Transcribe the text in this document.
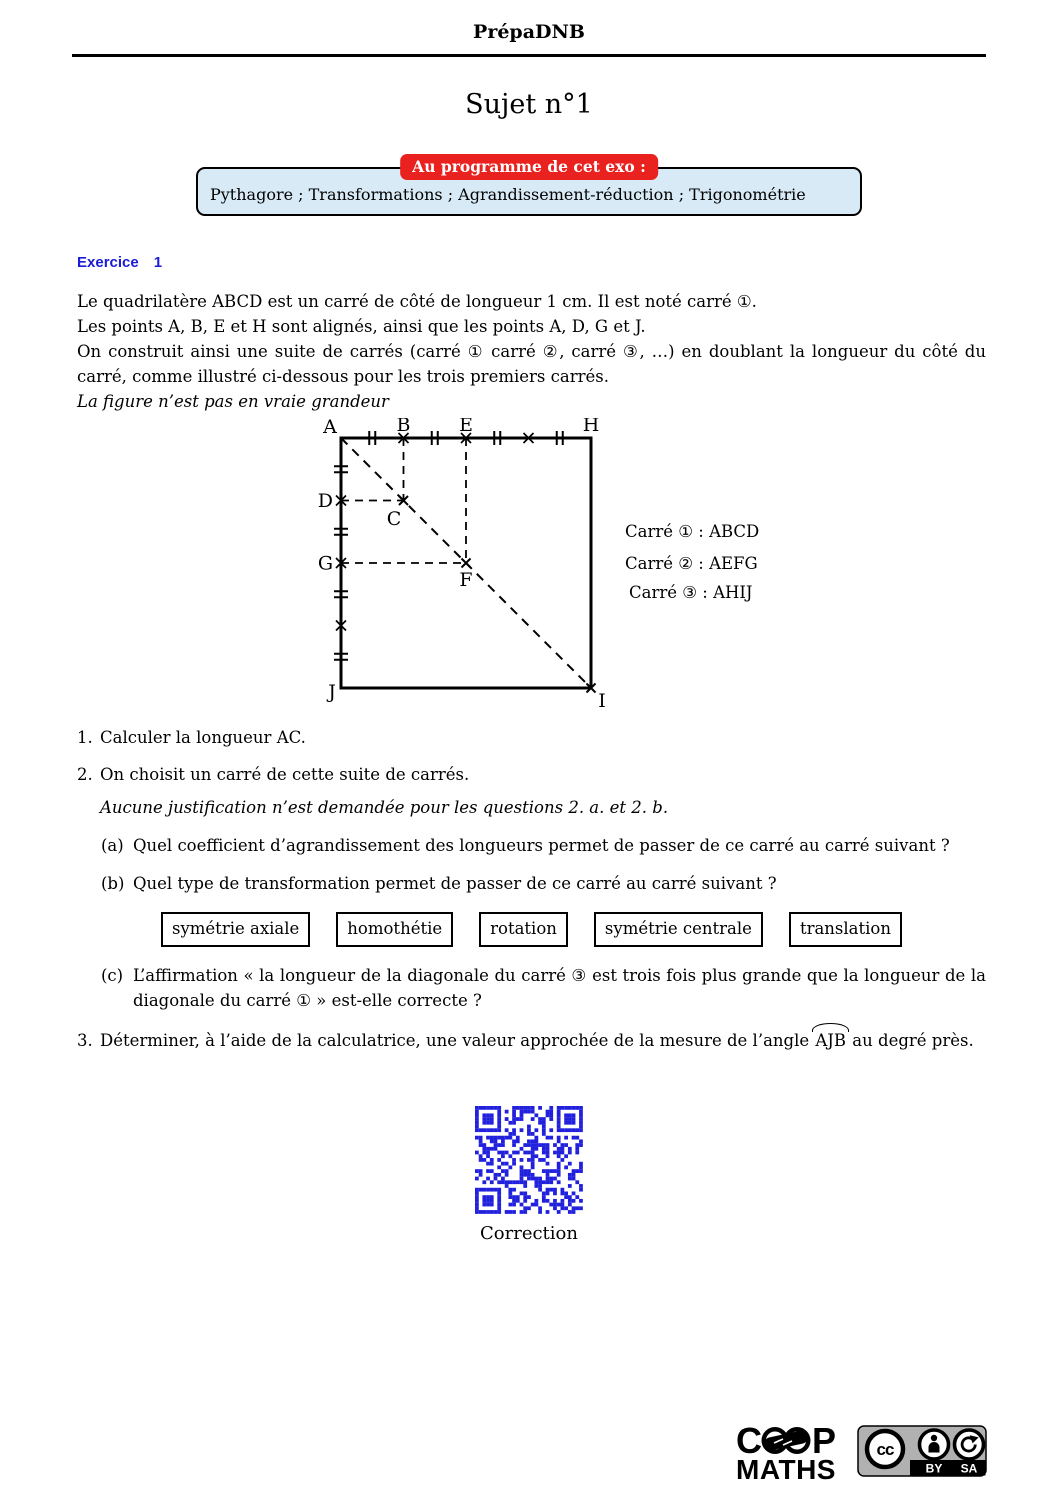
PrépaDNB
Sujet n°1
Au programme de cet exo :
Pythagore ; Transformations ; Agrandissement-réduction ; Trigonométrie
Exercice 1

Le quadrilatère ABCD est un carré de côté de longueur 1 cm. Il est noté carré ①.

Les points A, B, E et H sont alignés, ainsi que les points A, D, G et J.

On construit ainsi une suite de carrés (carré ① carré ②, carré ③, …) en doublant la longueur du côté du carré, comme illustré ci-dessous pour les trois premiers carrés.

La figure n’est pas en vraie grandeur

A	B	E	H
D
G
C
F
J	I
Carré ① : ABCD
Carré ② : AEFG
Carré ③ : AHIJ
1. Calculer la longueur AC.
2. On choisit un carré de cette suite de carrés.

Aucune justification n’est demandée pour les questions 2. a. et 2. b.

(a) Quel coefficient d’agrandissement des longueurs permet de passer de ce carré au carré suivant ?
(b) Quel type de transformation permet de passer de ce carré au carré suivant ?
symétrie axiale	homothétie	rotation	symétrie centrale	translation
(c) L’affirmation « la longueur de la diagonale du carré ③ est trois fois plus grande que la longueur de la diagonale du carré ① » est-elle correcte ?
3. Déterminer, à l’aide de la calculatrice, une valeur approchée de la mesure de l’angle AJB au degré près.
Correction
C P
MATHS
cc
BY SA
